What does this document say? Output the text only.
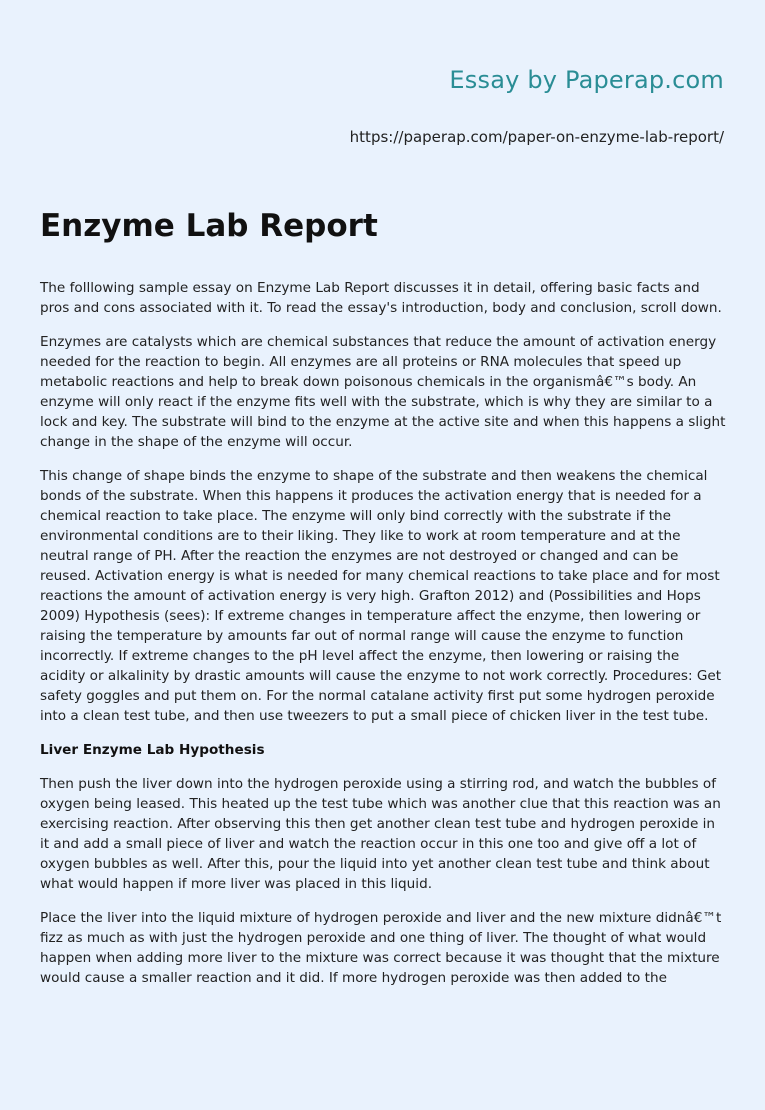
Essay by Paperap.com
https://paperap.com/paper-on-enzyme-lab-report/
Enzyme Lab Report

The folllowing sample essay on Enzyme Lab Report discusses it in detail, offering basic facts and pros and cons associated with it. To read the essay's introduction, body and conclusion, scroll down.

Enzymes are catalysts which are chemical substances that reduce the amount of activation energy needed for the reaction to begin. All enzymes are all proteins or RNA molecules that speed up metabolic reactions and help to break down poisonous chemicals in the organismâ€™s body. An enzyme will only react if the enzyme fits well with the substrate, which is why they are similar to a lock and key. The substrate will bind to the enzyme at the active site and when this happens a slight change in the shape of the enzyme will occur.

This change of shape binds the enzyme to shape of the substrate and then weakens the chemical bonds of the substrate. When this happens it produces the activation energy that is needed for a chemical reaction to take place. The enzyme will only bind correctly with the substrate if the environmental conditions are to their liking. They like to work at room temperature and at the neutral range of PH. After the reaction the enzymes are not destroyed or changed and can be reused. Activation energy is what is needed for many chemical reactions to take place and for most reactions the amount of activation energy is very high. Grafton 2012) and (Possibilities and Hops 2009) Hypothesis (sees): If extreme changes in temperature affect the enzyme, then lowering or raising the temperature by amounts far out of normal range will cause the enzyme to function incorrectly. If extreme changes to the pH level affect the enzyme, then lowering or raising the acidity or alkalinity by drastic amounts will cause the enzyme to not work correctly. Procedures: Get safety goggles and put them on. For the normal catalane activity first put some hydrogen peroxide into a clean test tube, and then use tweezers to put a small piece of chicken liver in the test tube.

Liver Enzyme Lab Hypothesis

Then push the liver down into the hydrogen peroxide using a stirring rod, and watch the bubbles of oxygen being leased. This heated up the test tube which was another clue that this reaction was an exercising reaction. After observing this then get another clean test tube and hydrogen peroxide in it and add a small piece of liver and watch the reaction occur in this one too and give off a lot of oxygen bubbles as well. After this, pour the liquid into yet another clean test tube and think about what would happen if more liver was placed in this liquid.

Place the liver into the liquid mixture of hydrogen peroxide and liver and the new mixture didnâ€™t fizz as much as with just the hydrogen peroxide and one thing of liver. The thought of what would happen when adding more liver to the mixture was correct because it was thought that the mixture would cause a smaller reaction and it did. If more hydrogen peroxide was then added to the
